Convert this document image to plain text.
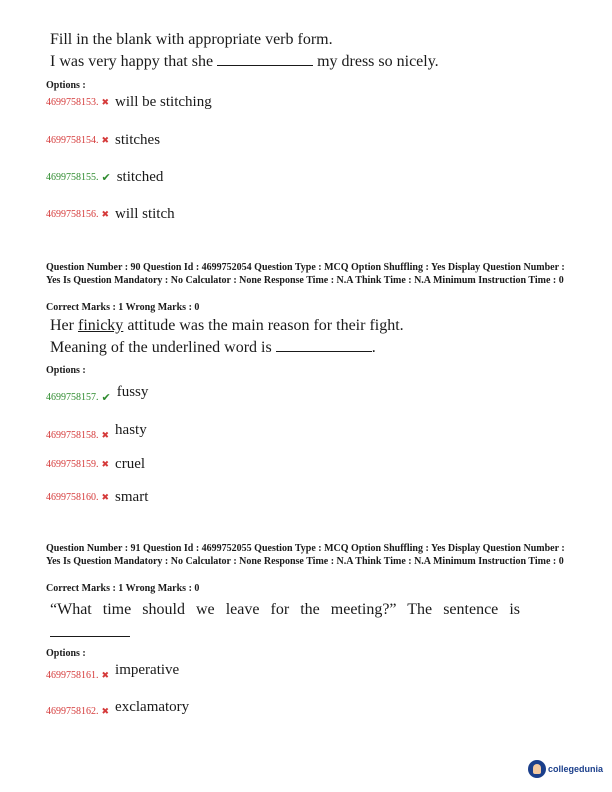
Fill in the blank with appropriate verb form.
I was very happy that she	my dress so nicely.
Options :
4699758153. ✖ will be stitching
4699758154. ✖ stitches
4699758155. ✔ stitched
4699758156. ✖ will stitch
Question Number : 90 Question Id : 4699752054 Question Type : MCQ Option Shuffling : Yes Display Question Number : Yes Is Question Mandatory : No Calculator : None Response Time : N.A Think Time : N.A Minimum Instruction Time : 0
Correct Marks : 1 Wrong Marks : 0
Her finicky attitude was the main reason for their fight.
Meaning of the underlined word is	.
Options :
4699758157. ✔ fussy
4699758158. ✖ hasty
4699758159. ✖ cruel
4699758160. ✖ smart
Question Number : 91 Question Id : 4699752055 Question Type : MCQ Option Shuffling : Yes Display Question Number : Yes Is Question Mandatory : No Calculator : None Response Time : N.A Think Time : N.A Minimum Instruction Time : 0
Correct Marks : 1 Wrong Marks : 0
“What time should we leave for the meeting?” The sentence is
Options :
4699758161. ✖ imperative
4699758162. ✖ exclamatory
collegedunia
